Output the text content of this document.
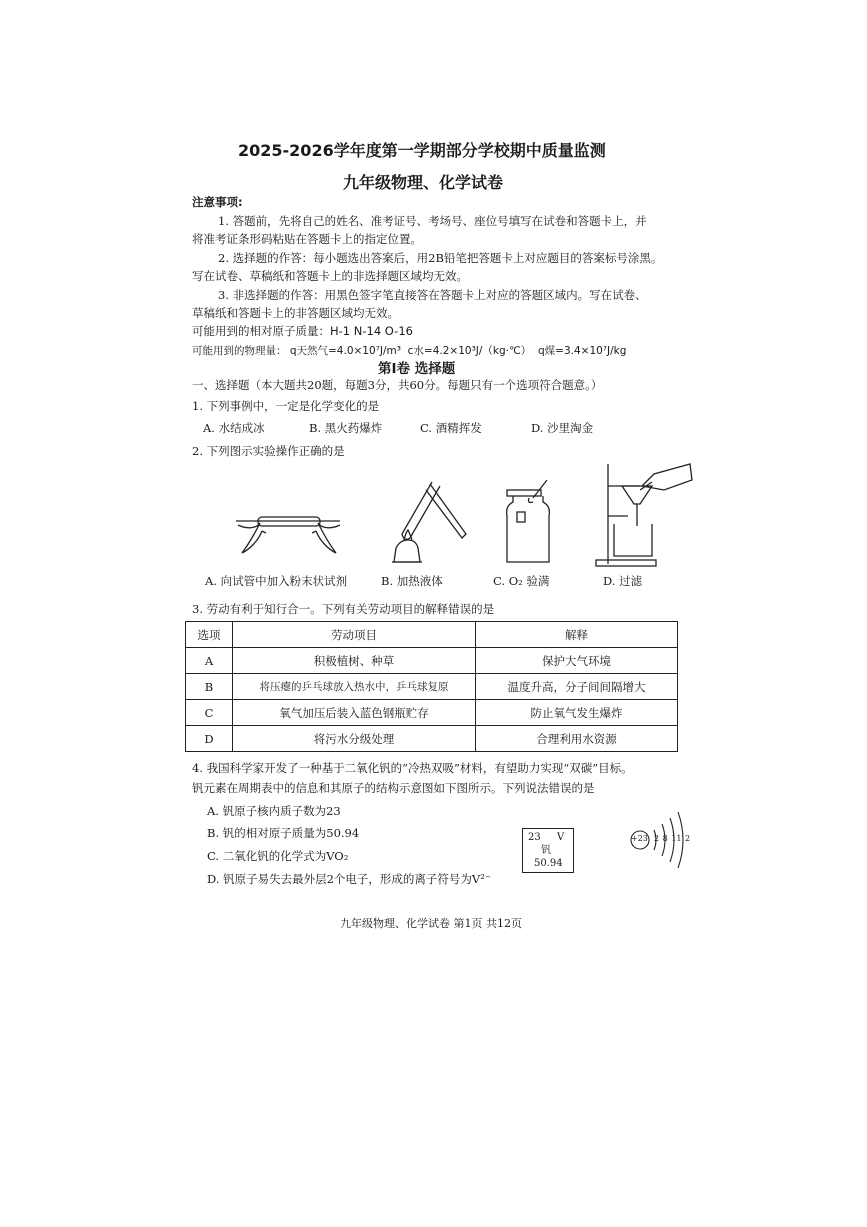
2025-2026学年度第一学期部分学校期中质量监测
九年级物理、化学试卷
注意事项:
1. 答题前，先将自己的姓名、准考证号、考场号、座位号填写在试卷和答题卡上，并
将准考证条形码粘贴在答题卡上的指定位置。
2. 选择题的作答：每小题选出答案后，用2B铅笔把答题卡上对应题目的答案标号涂黑。
写在试卷、草稿纸和答题卡上的非选择题区域均无效。
3. 非选择题的作答：用黑色签字笔直接答在答题卡上对应的答题区域内。写在试卷、
草稿纸和答题卡上的非答题区域均无效。
可能用到的相对原子质量：H-1 N-14 O-16
可能用到的物理量： q天然气=4.0×10⁷J/m³ c水=4.2×10³J/（kg·℃） q煤=3.4×10⁷J/kg
第Ⅰ卷 选择题
一、选择题（本大题共20题，每题3分，共60分。每题只有一个选项符合题意。）
1. 下列事例中，一定是化学变化的是
A. 水结成冰	B. 黑火药爆炸	C. 酒精挥发	D. 沙里淘金
2. 下列图示实验操作正确的是
A. 向试管中加入粉末状试剂	B. 加热液体	C. O₂ 验满	D. 过滤
3. 劳动有利于知行合一。下列有关劳动项目的解释错误的是
选项	劳动项目	解释
A	积极植树、种草	保护大气环境
B	将压瘪的乒乓球放入热水中，乒乓球复原	温度升高，分子间间隔增大
C	氧气加压后装入蓝色钢瓶贮存	防止氧气发生爆炸
D	将污水分级处理	合理利用水资源
4. 我国科学家开发了一种基于二氧化钒的“冷热双吸”材料，有望助力实现“双碳”目标。
钒元素在周期表中的信息和其原子的结构示意图如下图所示。下列说法错误的是
A. 钒原子核内质子数为23
B. 钒的相对原子质量为50.94
C. 二氧化钒的化学式为VO₂
D. 钒原子易失去最外层2个电子，形成的离子符号为V²⁻
23 V
钒
50.94
+23 2 8 11 2
九年级物理、化学试卷 第1页 共12页
